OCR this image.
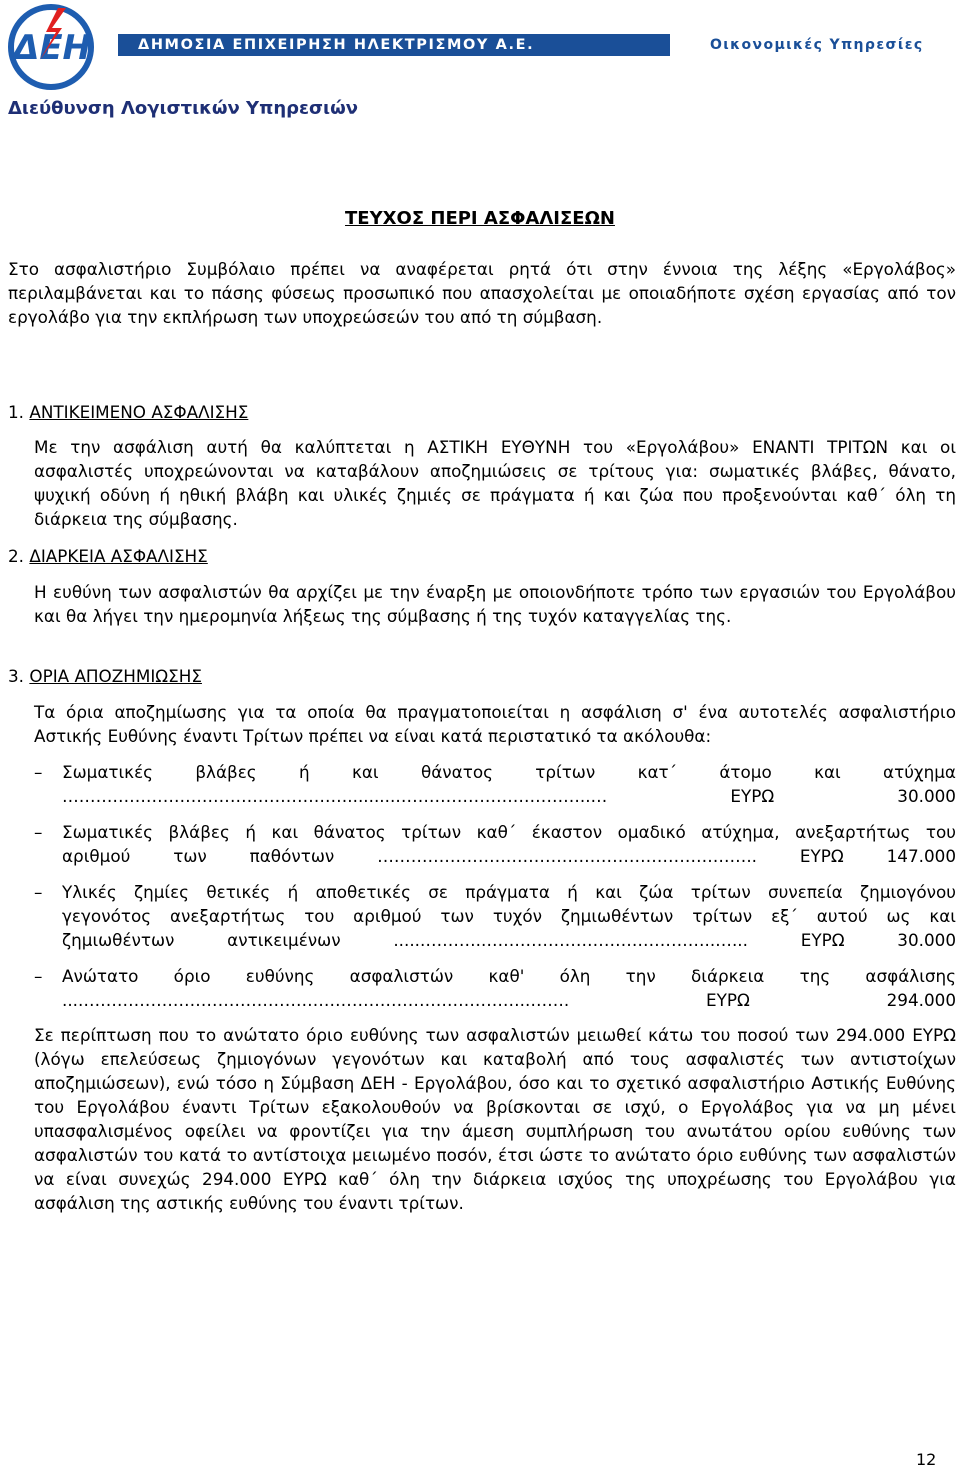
ΔΕΗ	ΔΗΜΟΣΙΑ ΕΠΙΧΕΙΡΗΣΗ ΗΛΕΚΤΡΙΣΜΟΥ Α.Ε.	Οικονομικές Υπηρεσίες
Διεύθυνση Λογιστικών Υπηρεσιών
ΤΕΥΧΟΣ ΠΕΡΙ ΑΣΦΑΛΙΣΕΩΝ
Στο ασφαλιστήριο Συμβόλαιο πρέπει να αναφέρεται ρητά ότι στην έννοια της λέξης «Εργολάβος» περιλαμβάνεται και το πάσης φύσεως προσωπικό που απασχολείται με οποιαδήποτε σχέση εργασίας από τον εργολάβο για την εκπλήρωση των υποχρεώσεών του από τη σύμβαση.
1. ΑΝΤΙΚΕΙΜΕΝΟ ΑΣΦΑΛΙΣΗΣ
Με την ασφάλιση αυτή θα καλύπτεται η ΑΣΤΙΚΗ ΕΥΘΥΝΗ του «Εργολάβου» ΕΝΑΝΤΙ ΤΡΙΤΩΝ και οι ασφαλιστές υποχρεώνονται να καταβάλουν αποζημιώσεις σε τρίτους για: σωματικές βλάβες, θάνατο, ψυχική οδύνη ή ηθική βλάβη και υλικές ζημιές σε πράγματα ή και ζώα που προξενούνται καθ΄ όλη τη διάρκεια της σύμβασης.
2. ΔΙΑΡΚΕΙΑ ΑΣΦΑΛΙΣΗΣ
Η ευθύνη των ασφαλιστών θα αρχίζει με την έναρξη με οποιονδήποτε τρόπο των εργασιών του Εργολάβου και θα λήγει την ημερομηνία λήξεως της σύμβασης ή της τυχόν καταγγελίας της.
3. ΟΡΙΑ ΑΠΟΖΗΜΙΩΣΗΣ
Τα όρια αποζημίωσης για τα οποία θα πραγματοποιείται η ασφάλιση σ' ένα αυτοτελές ασφαλιστήριο Αστικής Ευθύνης έναντι Τρίτων πρέπει να είναι κατά περιστατικό τα ακόλουθα:
– Σωματικές βλάβες ή και θάνατος τρίτων κατ΄ άτομο και ατύχημα
…………………………………………….........……………………………..… ΕΥΡΩ 30.000
– Σωματικές βλάβες ή και θάνατος τρίτων καθ΄ έκαστον ομαδικό ατύχημα, ανεξαρτήτως του
αριθμού των παθόντων ………………………………………………………….. ΕΥΡΩ 147.000
– Υλικές ζημίες θετικές ή αποθετικές σε πράγματα ή και ζώα τρίτων συνεπεία ζημιογόνου
γεγονότος ανεξαρτήτως του αριθμού των τυχόν ζημιωθέντων τρίτων εξ΄ αυτού ως και
ζημιωθέντων αντικειμένων ......………..…………………………………..…... ΕΥΡΩ 30.000
– Ανώτατο όριο ευθύνης ασφαλιστών καθ' όλη την διάρκεια της ασφάλισης
....……………………………………………………………………..……. ΕΥΡΩ 294.000
Σε περίπτωση που το ανώτατο όριο ευθύνης των ασφαλιστών μειωθεί κάτω του ποσού των 294.000 ΕΥΡΩ (λόγω επελεύσεως ζημιογόνων γεγονότων και καταβολή από τους ασφαλιστές των αντιστοίχων αποζημιώσεων), ενώ τόσο η Σύμβαση ΔΕΗ - Εργολάβου, όσο και το σχετικό ασφαλιστήριο Αστικής Ευθύνης του Εργολάβου έναντι Τρίτων εξακολουθούν να βρίσκονται σε ισχύ, ο Εργολάβος για να μη μένει υπασφαλισμένος οφείλει να φροντίζει για την άμεση συμπλήρωση του ανωτάτου ορίου ευθύνης των ασφαλιστών του κατά το αντίστοιχα μειωμένο ποσόν, έτσι ώστε το ανώτατο όριο ευθύνης των ασφαλιστών να είναι συνεχώς 294.000 ΕΥΡΩ καθ΄ όλη την διάρκεια ισχύος της υποχρέωσης του Εργολάβου για ασφάλιση της αστικής ευθύνης του έναντι τρίτων.
12
